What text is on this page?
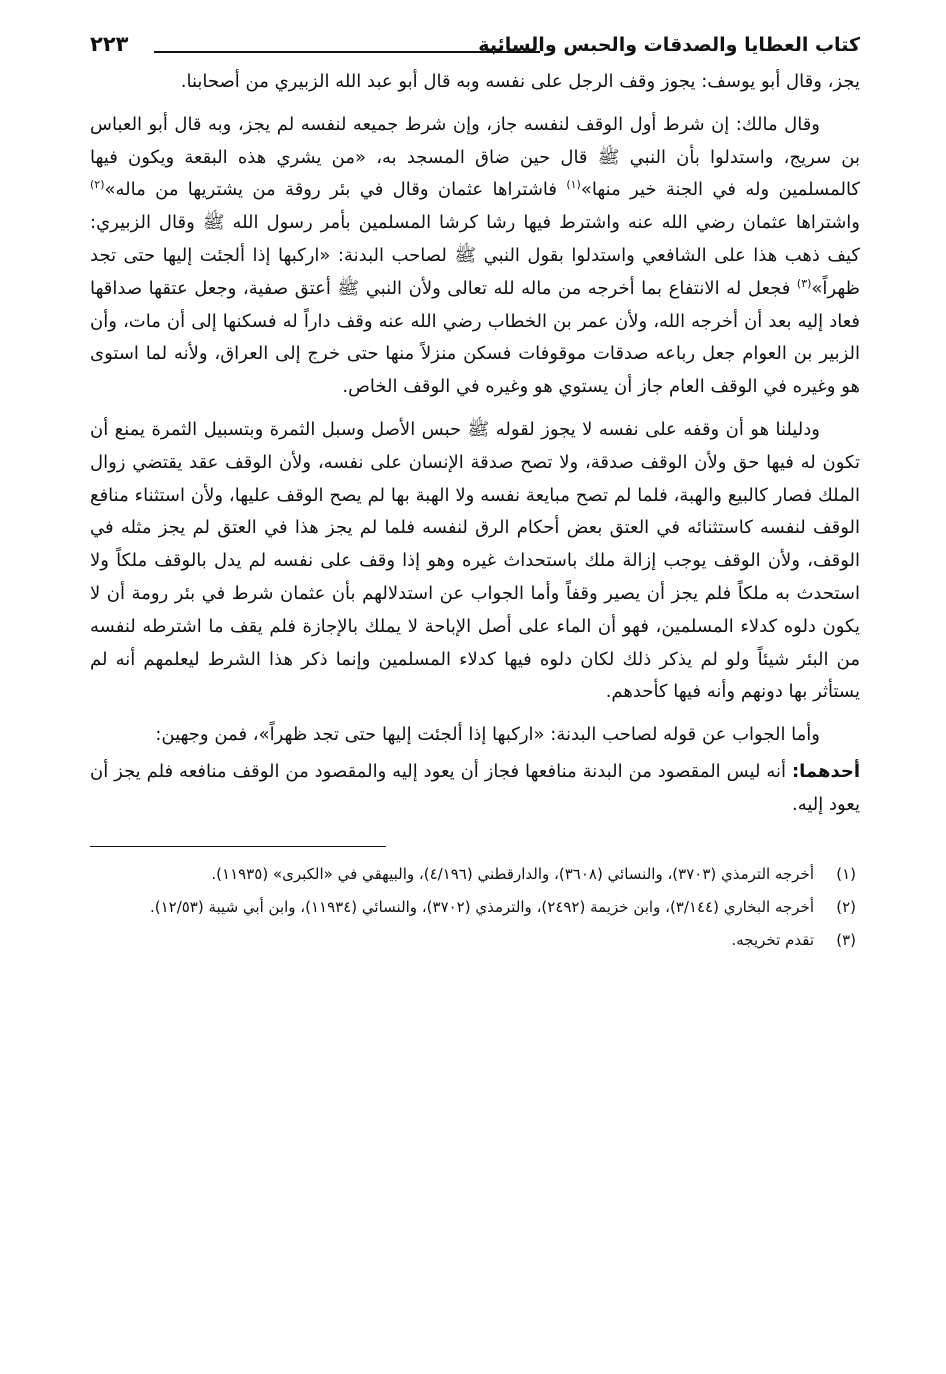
كتاب العطايا والصدقات والحبس والسائبة
٢٢٣

يجز، وقال أبو يوسف: يجوز وقف الرجل على نفسه وبه قال أبو عبد الله الزبيري من أصحابنا.

وقال مالك: إن شرط أول الوقف لنفسه جاز، وإن شرط جميعه لنفسه لم يجز، وبه قال أبو العباس بن سريج، واستدلوا بأن النبي ﷺ قال حين ضاق المسجد به، «من يشري هذه البقعة ويكون فيها كالمسلمين وله في الجنة خير منها»$^{(١)}$ فاشتراها عثمان وقال في بئر روقة من يشتريها من ماله»$^{(٢)}$ واشتراها عثمان رضي الله عنه واشترط فيها رشا كرشا المسلمين بأمر رسول الله ﷺ وقال الزبيري: كيف ذهب هذا على الشافعي واستدلوا بقول النبي ﷺ لصاحب البدنة: «اركبها إذا ألجئت إليها حتى تجد ظهراً»$^{(٣)}$ فجعل له الانتفاع بما أخرجه من ماله لله تعالى ولأن النبي ﷺ أعتق صفية، وجعل عتقها صداقها فعاد إليه بعد أن أخرجه الله، ولأن عمر بن الخطاب رضي الله عنه وقف داراً له فسكنها إلى أن مات، وأن الزبير بن العوام جعل رباعه صدقات موقوفات فسكن منزلاً منها حتى خرج إلى العراق، ولأنه لما استوى هو وغيره في الوقف العام جاز أن يستوي هو وغيره في الوقف الخاص.

ودليلنا هو أن وقفه على نفسه لا يجوز لقوله ﷺ حبس الأصل وسبل الثمرة وبتسبيل الثمرة يمنع أن تكون له فيها حق ولأن الوقف صدقة، ولا تصح صدقة الإنسان على نفسه، ولأن الوقف عقد يقتضي زوال الملك فصار كالبيع والهبة، فلما لم تصح مبايعة نفسه ولا الهبة بها لم يصح الوقف عليها، ولأن استثناء منافع الوقف لنفسه كاستثنائه في العتق بعض أحكام الرق لنفسه فلما لم يجز هذا في العتق لم يجز مثله في الوقف، ولأن الوقف يوجب إزالة ملك باستحداث غيره وهو إذا وقف على نفسه لم يدل بالوقف ملكاً ولا استحدث به ملكاً فلم يجز أن يصير وقفاً وأما الجواب عن استدلالهم بأن عثمان شرط في بئر رومة أن لا يكون دلوه كدلاء المسلمين، فهو أن الماء على أصل الإباحة لا يملك بالإجازة فلم يقف ما اشترطه لنفسه من البئر شيئاً ولو لم يذكر ذلك لكان دلوه فيها كدلاء المسلمين وإنما ذكر هذا الشرط ليعلمهم أنه لم يستأثر بها دونهم وأنه فيها كأحدهم.

وأما الجواب عن قوله لصاحب البدنة: «اركبها إذا ألجئت إليها حتى تجد ظهراً»، فمن وجهين:

أحدهما: أنه ليس المقصود من البدنة منافعها فجاز أن يعود إليه والمقصود من الوقف منافعه فلم يجز أن يعود إليه.

(١)
أخرجه الترمذي (٣٧٠٣)، والنسائي (٣٦٠٨)، والدارقطني (٤/١٩٦)، والبيهقي في «الكبرى» (١١٩٣٥).
(٢)
أخرجه البخاري (٣/١٤٤)، وابن خزيمة (٢٤٩٢)، والترمذي (٣٧٠٢)، والنسائي (١١٩٣٤)، وابن أبي شيبة (١٢/٥٣).
(٣)
تقدم تخريجه.
